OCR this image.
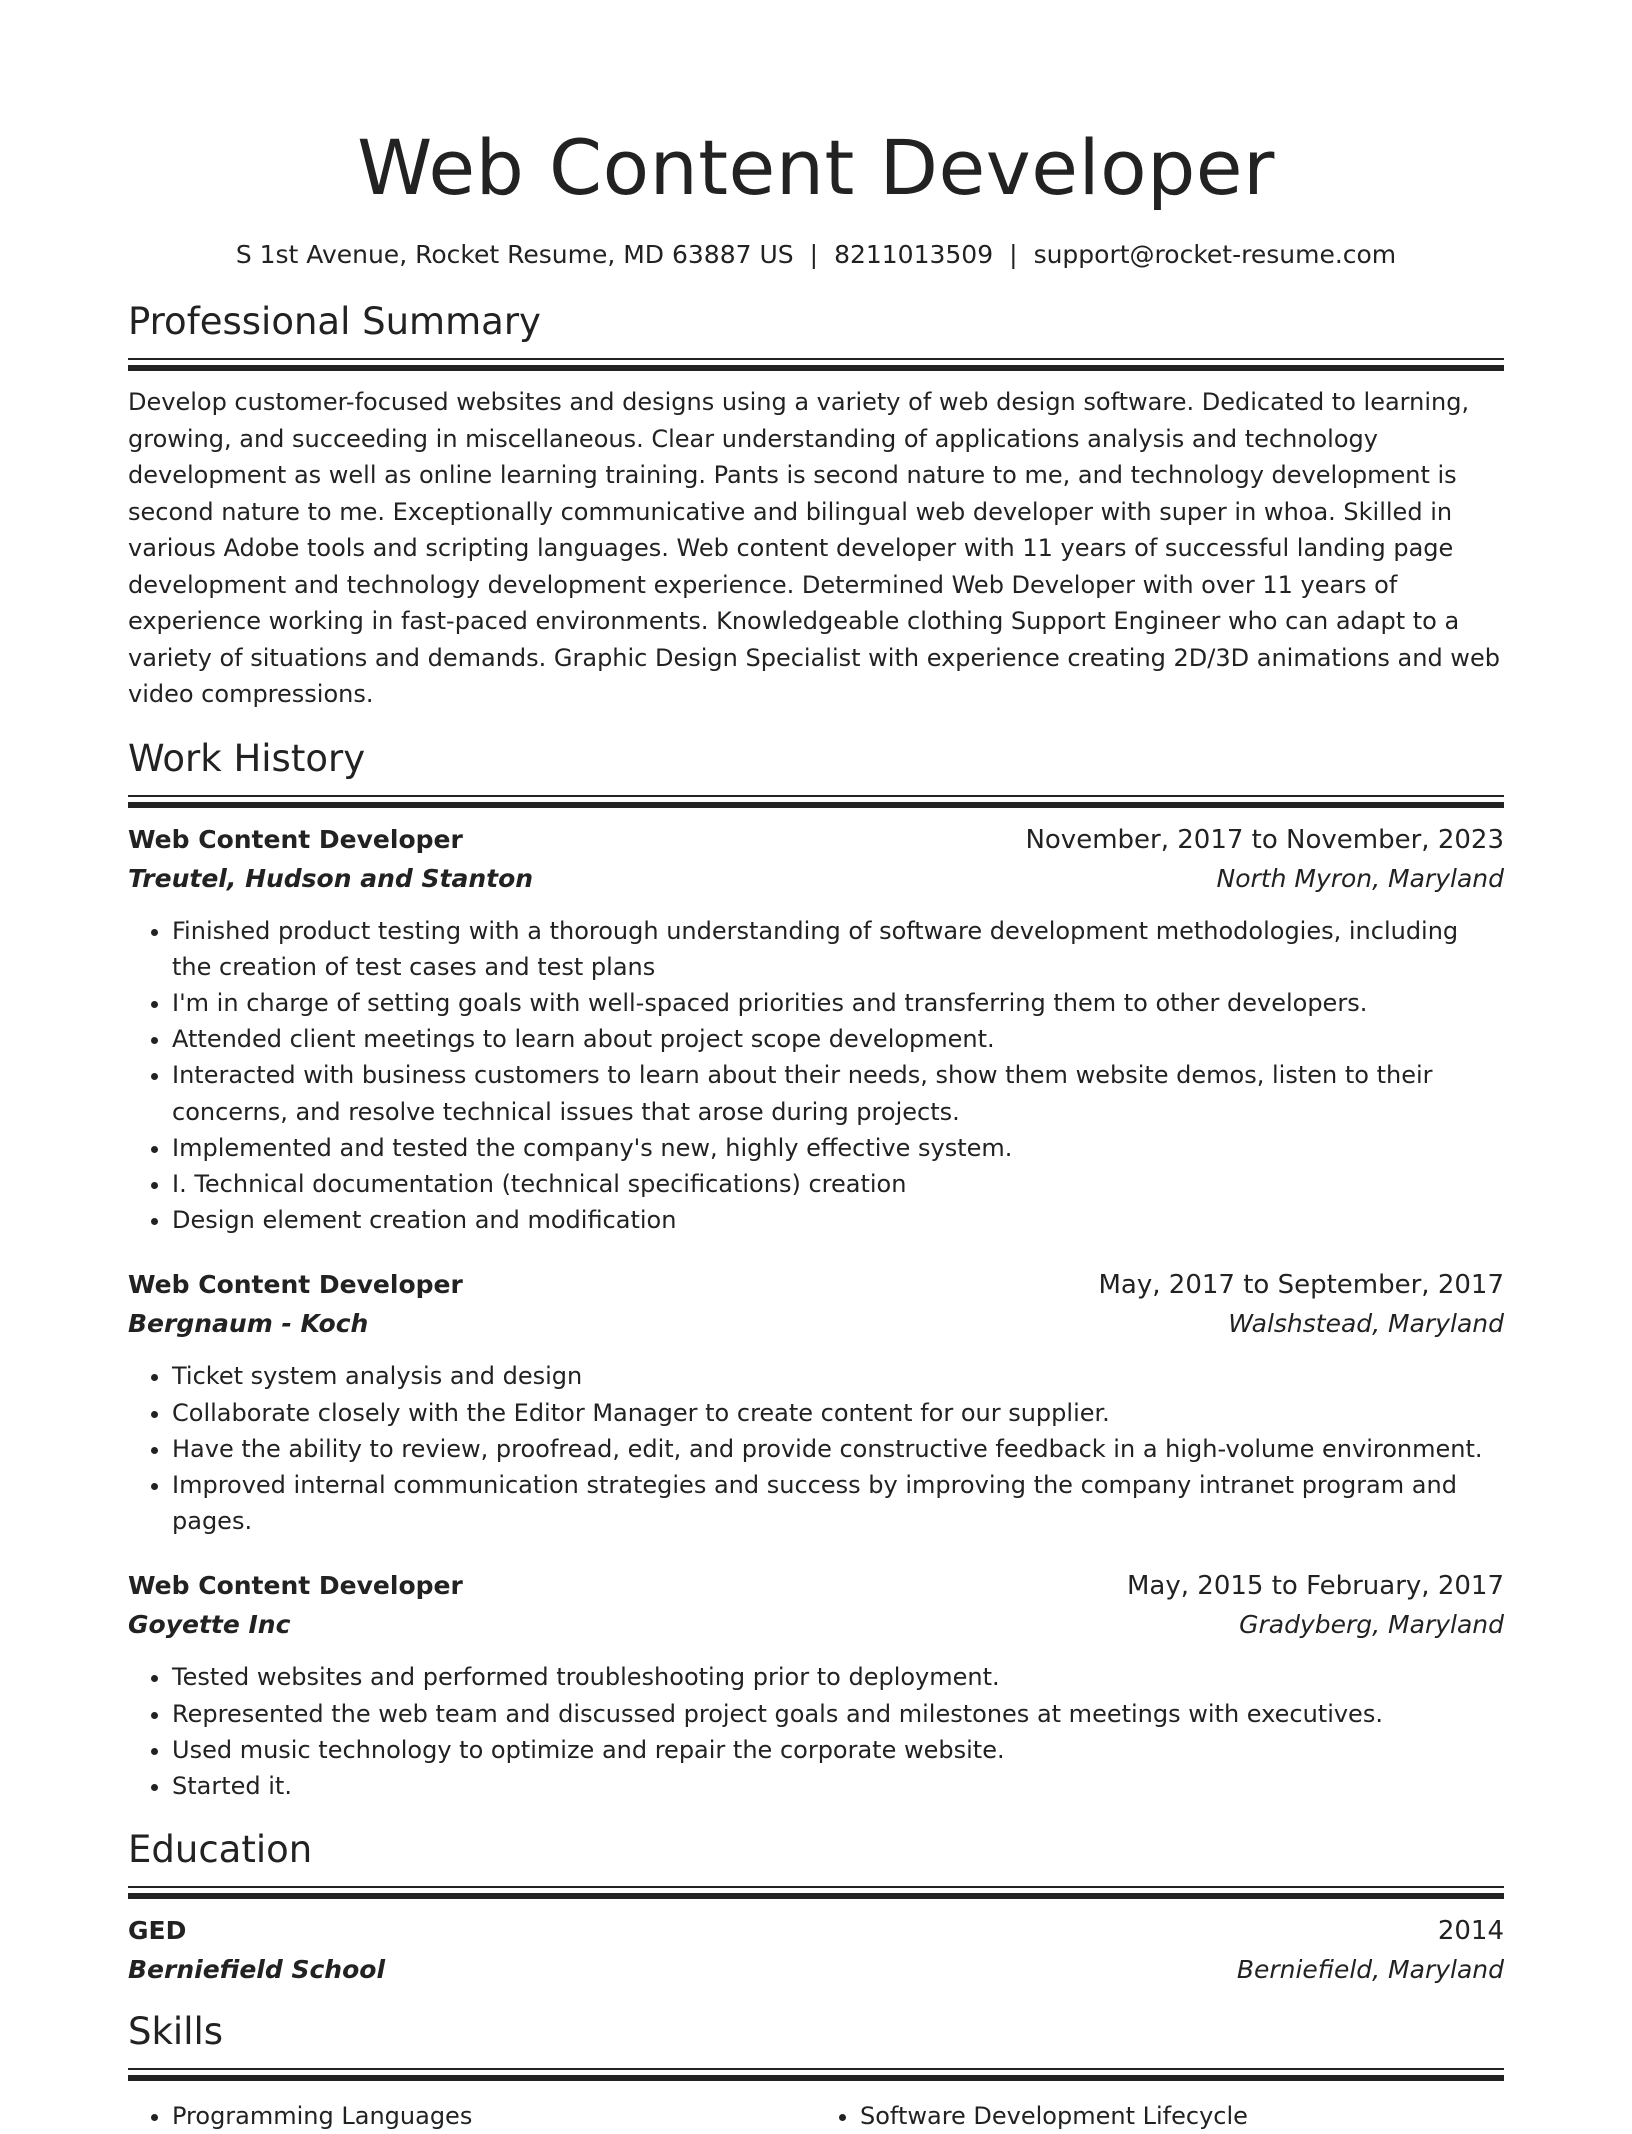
Web Content Developer
S 1st Avenue, Rocket Resume, MD 63887 US | 8211013509 | support@rocket-resume.com
Professional Summary
Develop customer-focused websites and designs using a variety of web design software. Dedicated to learning, growing, and succeeding in miscellaneous. Clear understanding of applications analysis and technology development as well as online learning training. Pants is second nature to me, and technology development is second nature to me. Exceptionally communicative and bilingual web developer with super in whoa. Skilled in various Adobe tools and scripting languages. Web content developer with 11 years of successful landing page development and technology development experience. Determined Web Developer with over 11 years of experience working in fast-paced environments. Knowledgeable clothing Support Engineer who can adapt to a variety of situations and demands. Graphic Design Specialist with experience creating 2D/3D animations and web video compressions.
Work History
Web Content Developer	November, 2017 to November, 2023
Treutel, Hudson and Stanton	North Myron, Maryland
• Finished product testing with a thorough understanding of software development methodologies, including the creation of test cases and test plans
• I'm in charge of setting goals with well-spaced priorities and transferring them to other developers.
• Attended client meetings to learn about project scope development.
• Interacted with business customers to learn about their needs, show them website demos, listen to their concerns, and resolve technical issues that arose during projects.
• Implemented and tested the company's new, highly effective system.
• I. Technical documentation (technical specifications) creation
• Design element creation and modification
Web Content Developer	May, 2017 to September, 2017
Bergnaum - Koch	Walshstead, Maryland
• Ticket system analysis and design
• Collaborate closely with the Editor Manager to create content for our supplier.
• Have the ability to review, proofread, edit, and provide constructive feedback in a high-volume environment.
• Improved internal communication strategies and success by improving the company intranet program and pages.
Web Content Developer	May, 2015 to February, 2017
Goyette Inc	Gradyberg, Maryland
• Tested websites and performed troubleshooting prior to deployment.
• Represented the web team and discussed project goals and milestones at meetings with executives.
• Used music technology to optimize and repair the corporate website.
• Started it.
Education
GED	2014
Berniefield School	Berniefield, Maryland
Skills
• Programming Languages
•	Software Development Lifecycle
